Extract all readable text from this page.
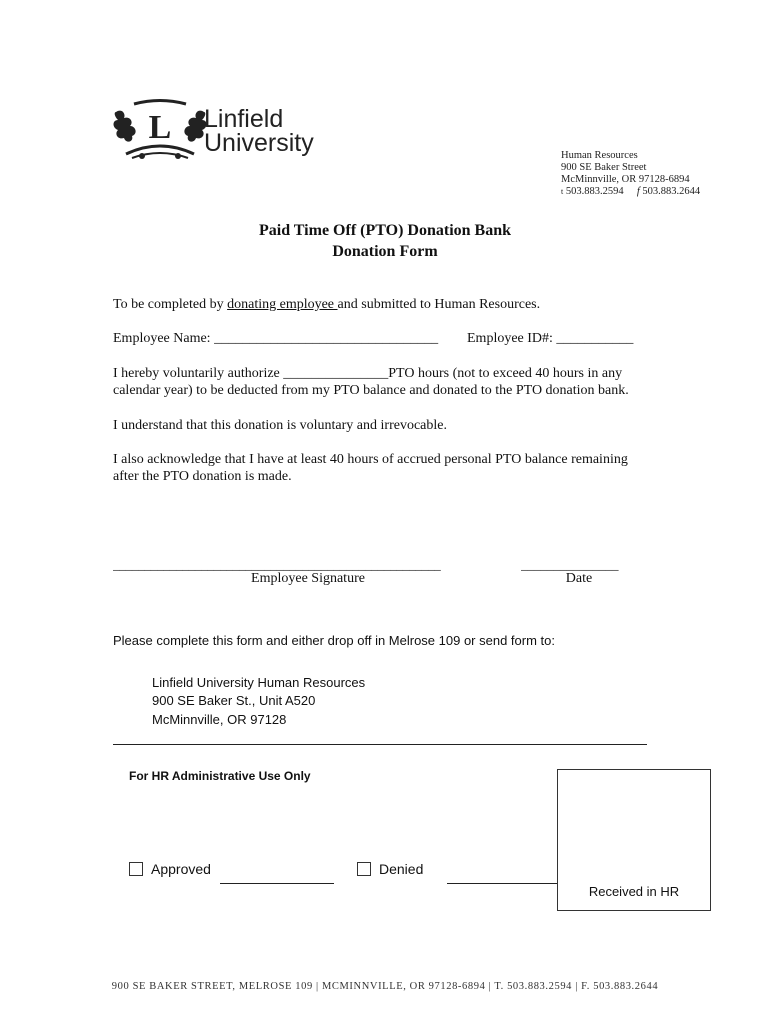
L Linfield
University	Human Resources
900 SE Baker Street
McMinnville, OR 97128-6894
t 503.883.2594 f 503.883.2644
Paid Time Off (PTO) Donation Bank
Donation Form
To be completed by donating employee and submitted to Human Resources.
Employee Name: ________________________________ Employee ID#: ___________
I hereby voluntarily authorize _______________PTO hours (not to exceed 40 hours in any
calendar year) to be deducted from my PTO balance and donated to the PTO donation bank.
I understand that this donation is voluntary and irrevocable.
I also acknowledge that I have at least 40 hours of accrued personal PTO balance remaining
after the PTO donation is made.
____________________________________________________	_______________
Employee Signature	Date
Please complete this form and either drop off in Melrose 109 or send form to:
Linfield University Human Resources
900 SE Baker St., Unit A520
McMinnville, OR 97128
For HR Administrative Use Only
Approved	Denied
Received in HR
900 SE BAKER STREET, MELROSE 109 | MCMINNVILLE, OR 97128-6894 | T. 503.883.2594 | F. 503.883.2644
